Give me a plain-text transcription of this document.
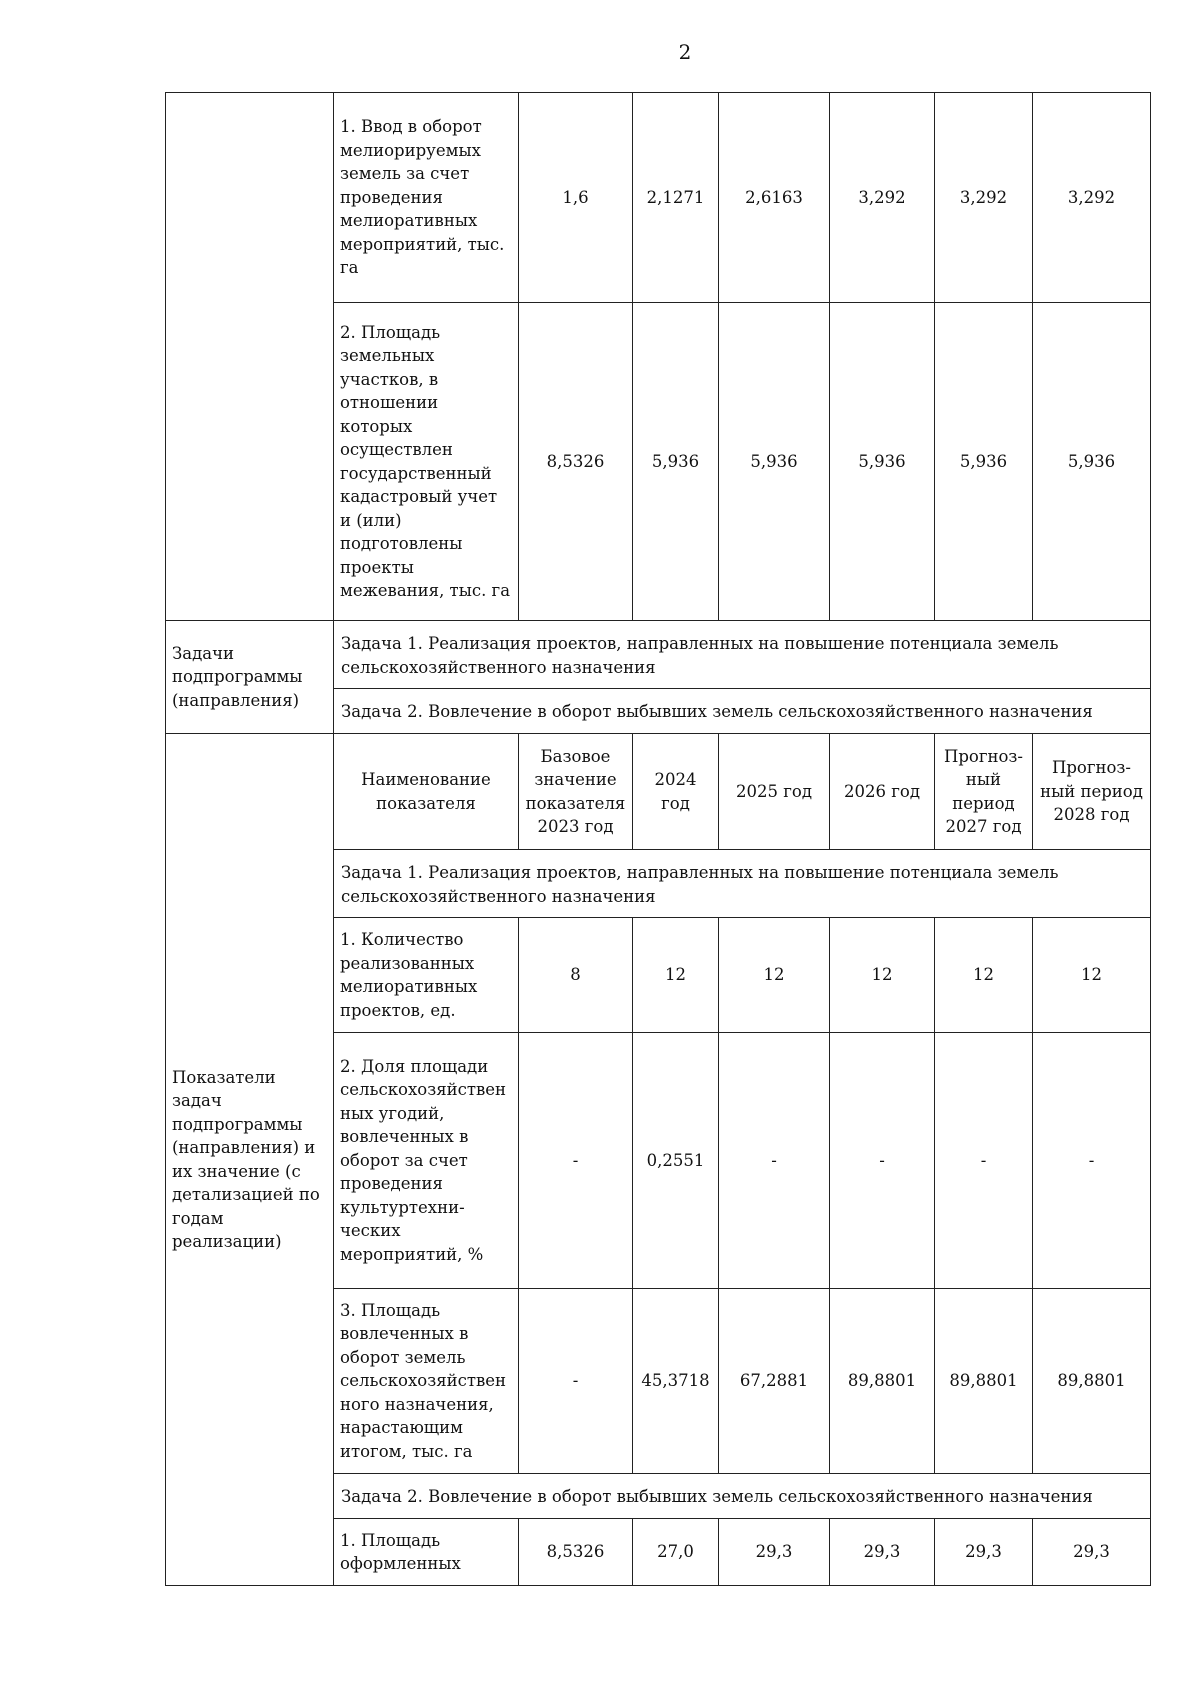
2
	1. Ввод в оборот мелиорируемых земель за счет проведения мелиоративных мероприятий, тыс. га	1,6	2,1271	2,6163	3,292	3,292	3,292
	2. Площадь земельных участков, в отношении которых осуществлен государственный кадастровый учет и (или) подготовлены проекты межевания, тыс. га	8,5326	5,936	5,936	5,936	5,936	5,936
Задачи подпрограммы (направления)	Задача 1. Реализация проектов, направленных на повышение потенциала земель сельскохозяйственного назначения						
	Задача 2. Вовлечение в оборот выбывших земель сельскохозяйственного назначения						
Показатели задач подпрограммы (направления) и их значение (с детализацией по годам реализации)	Наименование показателя	Базовое значение показателя 2023 год	2024 год	2025 год	2026 год	Прогноз-ный период 2027 год	Прогноз-ный период 2028 год
	Задача 1. Реализация проектов, направленных на повышение потенциала земель сельскохозяйственного назначения						
	1. Количество реализованных мелиоративных проектов, ед.	8	12	12	12	12	12
	2. Доля площади сельскохозяйствен ных угодий, вовлеченных в оборот за счет проведения культуртехни-ческих мероприятий, %	-	0,2551	-	-	-	-
	3. Площадь вовлеченных в оборот земель сельскохозяйствен ного назначения, нарастающим итогом, тыс. га	-	45,3718	67,2881	89,8801	89,8801	89,8801
	Задача 2. Вовлечение в оборот выбывших земель сельскохозяйственного назначения						
	1. Площадь оформленных	8,5326	27,0	29,3	29,3	29,3	29,3
